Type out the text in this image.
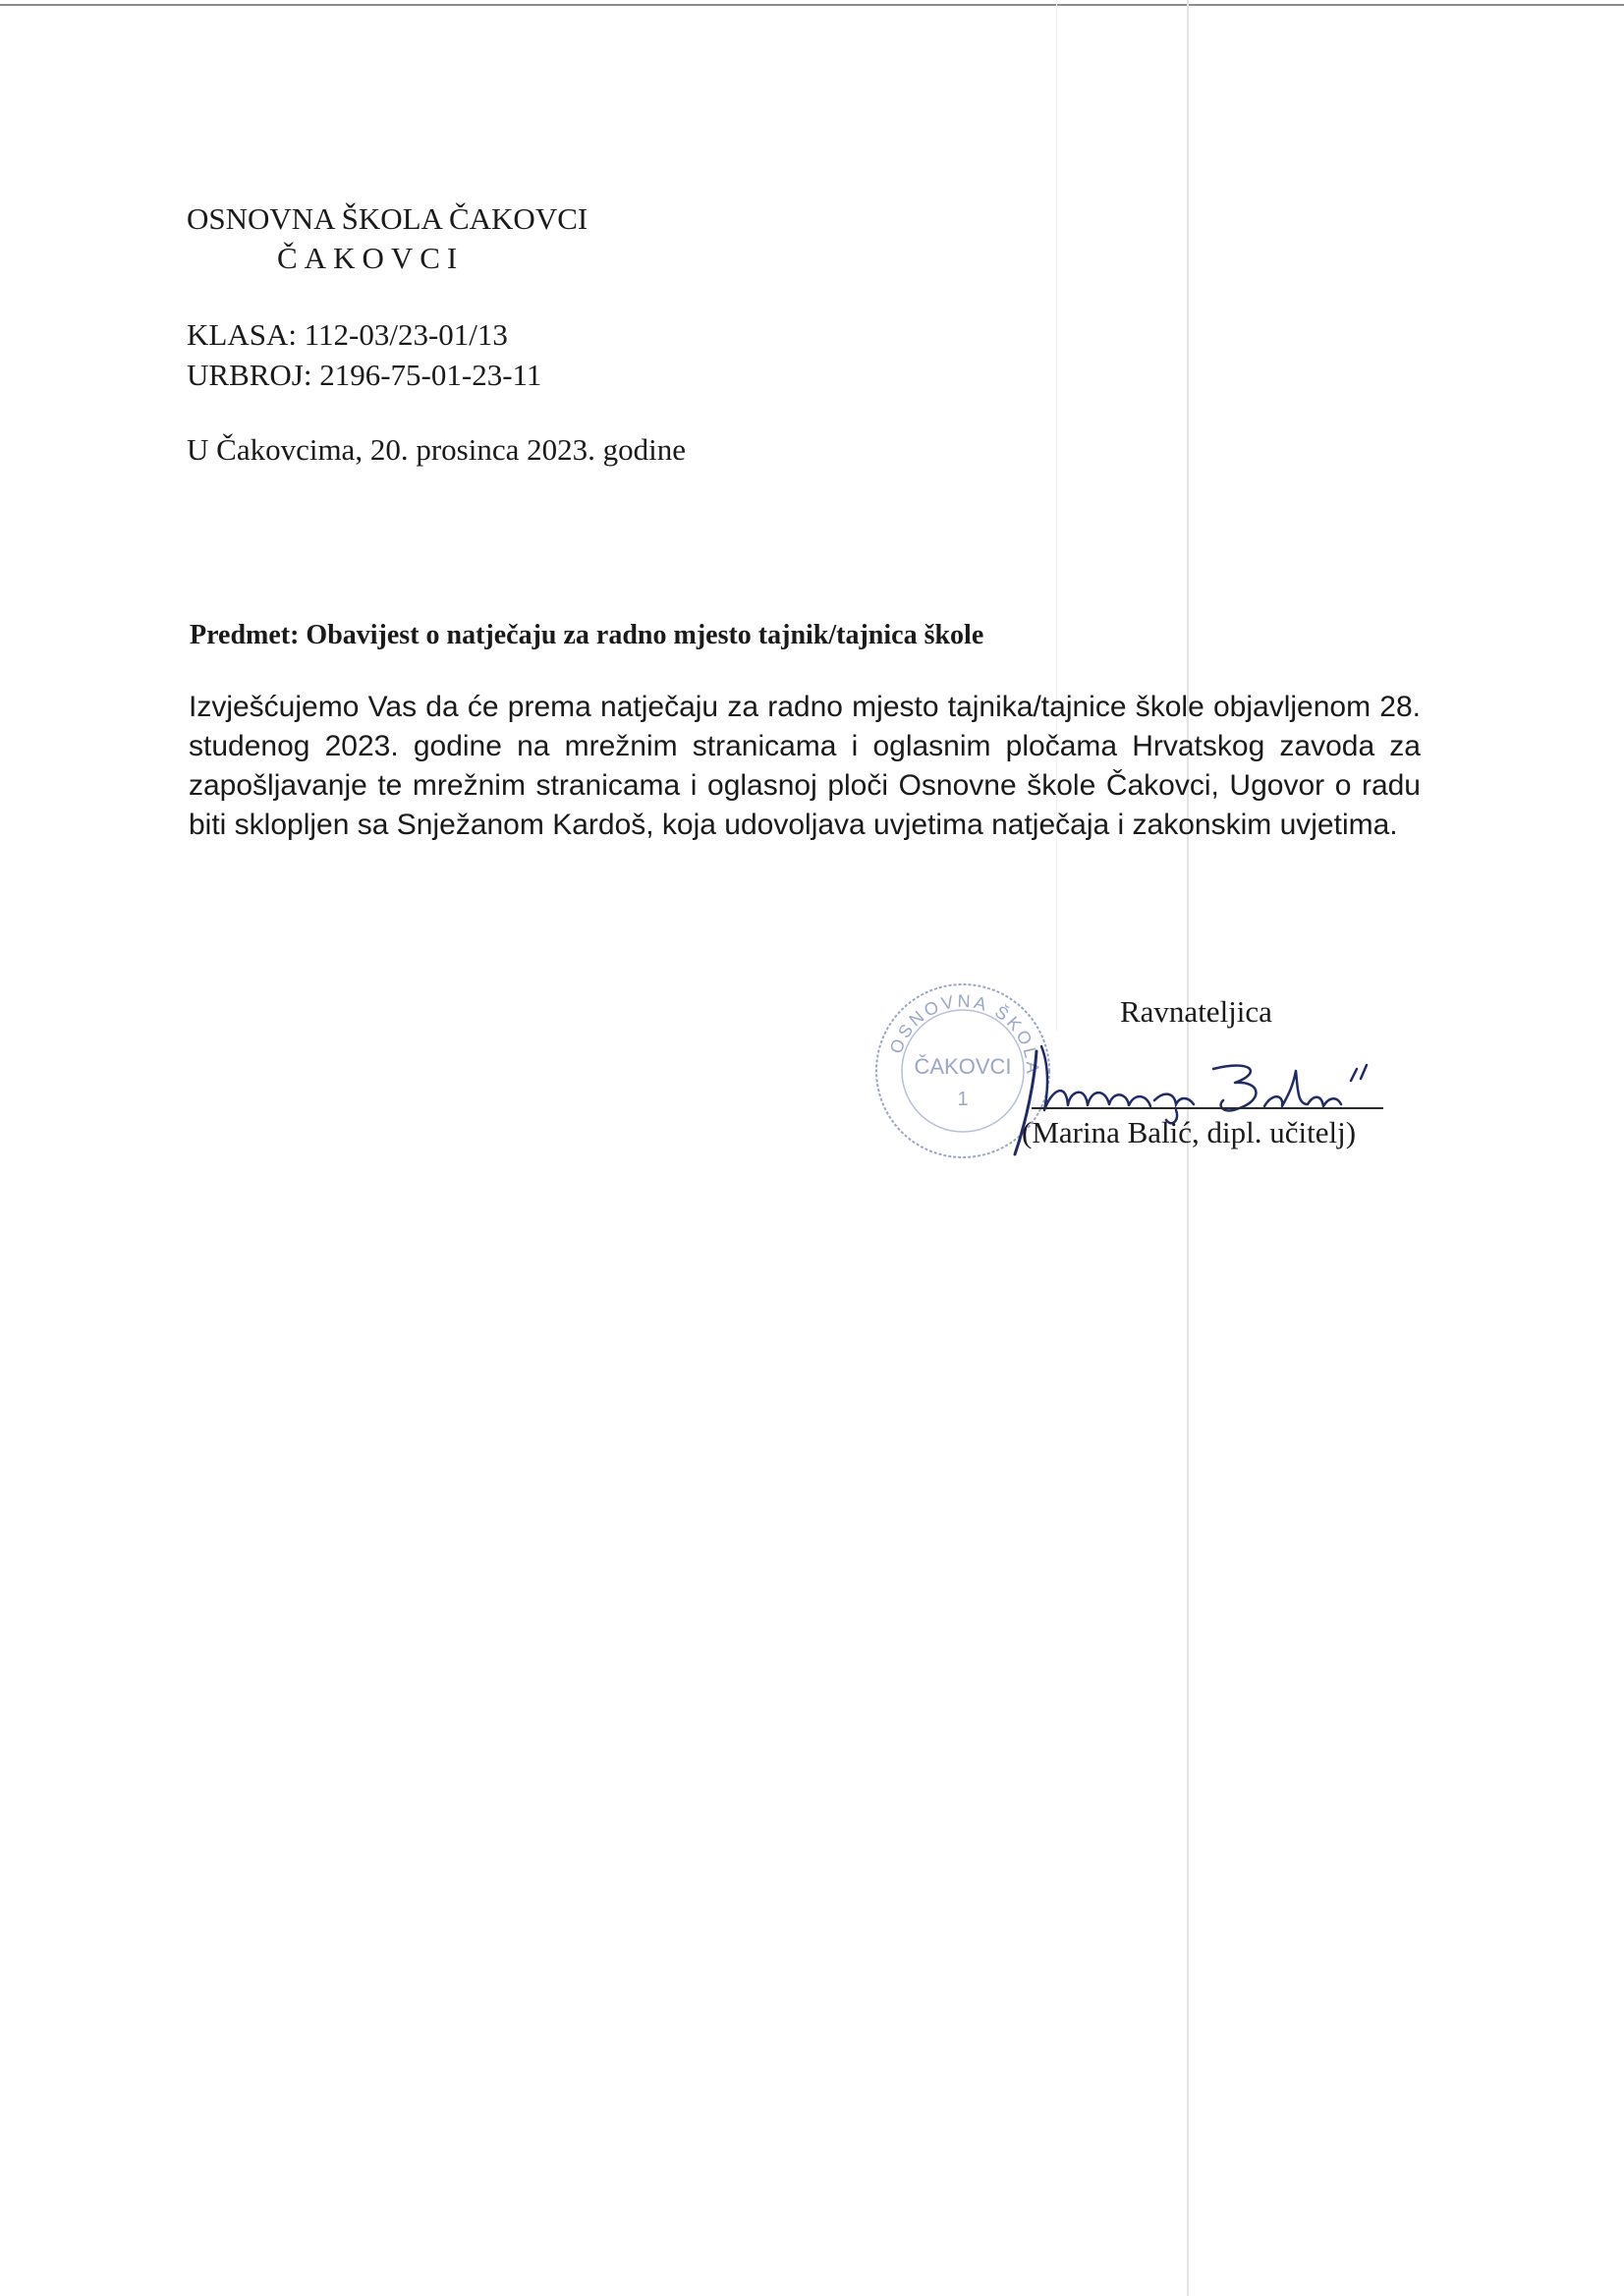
OSNOVNA ŠKOLA ČAKOVCI
ČAKOVCI
KLASA: 112-03/23-01/13
URBROJ: 2196-75-01-23-11
U Čakovcima, 20. prosinca 2023. godine
Predmet: Obavijest o natječaju za radno mjesto tajnik/tajnica škole
Izvješćujemo Vas da će prema natječaju za radno mjesto tajnika/tajnice škole objavljenom 28. studenog 2023. godine na mrežnim stranicama i oglasnim pločama Hrvatskog zavoda za zapošljavanje te mrežnim stranicama i oglasnoj ploči Osnovne škole Čakovci, Ugovor o radu biti sklopljen sa Snježanom Kardoš, koja udovoljava uvjetima natječaja i zakonskim uvjetima.
Ravnateljica
OSNOVNA ŠKOLA
ČAKOVCI
1
(Marina Balić, dipl. učitelj)
